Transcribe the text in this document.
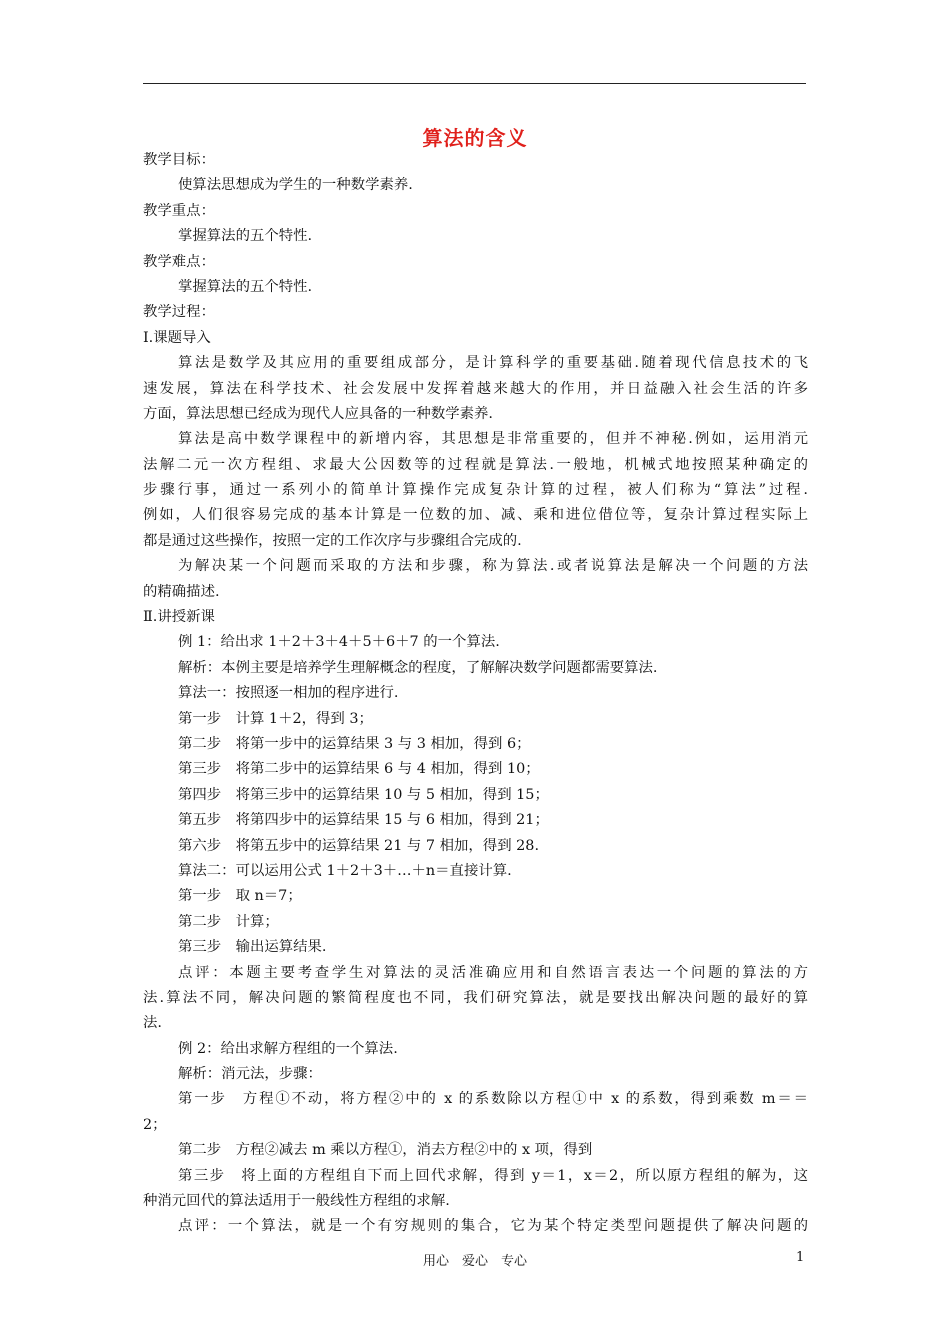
算法的含义
教学目标：
使算法思想成为学生的一种数学素养.
教学重点：
掌握算法的五个特性.
教学难点：
掌握算法的五个特性.
教学过程：
Ⅰ.课题导入
算法是数学及其应用的重要组成部分，是计算科学的重要基础.随着现代信息技术的飞
速发展，算法在科学技术、社会发展中发挥着越来越大的作用，并日益融入社会生活的许多
方面，算法思想已经成为现代人应具备的一种数学素养.
算法是高中数学课程中的新增内容，其思想是非常重要的，但并不神秘.例如，运用消元
法解二元一次方程组、求最大公因数等的过程就是算法.一般地，机械式地按照某种确定的
步骤行事，通过一系列小的简单计算操作完成复杂计算的过程，被人们称为“算法”过程.
例如，人们很容易完成的基本计算是一位数的加、减、乘和进位借位等，复杂计算过程实际上
都是通过这些操作，按照一定的工作次序与步骤组合完成的.
为解决某一个问题而采取的方法和步骤，称为算法.或者说算法是解决一个问题的方法
的精确描述.
Ⅱ.讲授新课
例 1：给出求 1＋2＋3＋4＋5＋6＋7 的一个算法.
解析：本例主要是培养学生理解概念的程度，了解解决数学问题都需要算法.
算法一：按照逐一相加的程序进行.
第一步　计算 1＋2，得到 3；
第二步　将第一步中的运算结果 3 与 3 相加，得到 6；
第三步　将第二步中的运算结果 6 与 4 相加，得到 10；
第四步　将第三步中的运算结果 10 与 5 相加，得到 15；
第五步　将第四步中的运算结果 15 与 6 相加，得到 21；
第六步　将第五步中的运算结果 21 与 7 相加，得到 28.
算法二：可以运用公式 1＋2＋3＋…＋n＝直接计算.
第一步　取 n＝7；
第二步　计算；
第三步　输出运算结果.
点评：本题主要考查学生对算法的灵活准确应用和自然语言表达一个问题的算法的方
法.算法不同，解决问题的繁简程度也不同，我们研究算法，就是要找出解决问题的最好的算
法.
例 2：给出求解方程组的一个算法.
解析：消元法，步骤：
第一步　方程①不动，将方程②中的 x 的系数除以方程①中 x 的系数，得到乘数 m＝＝
2；
第二步　方程②减去 m 乘以方程①，消去方程②中的 x 项，得到
第三步　将上面的方程组自下而上回代求解，得到 y＝1，x＝2，所以原方程组的解为，这
种消元回代的算法适用于一般线性方程组的求解.
点评：一个算法，就是一个有穷规则的集合，它为某个特定类型问题提供了解决问题的
用心　爱心　专心	1
